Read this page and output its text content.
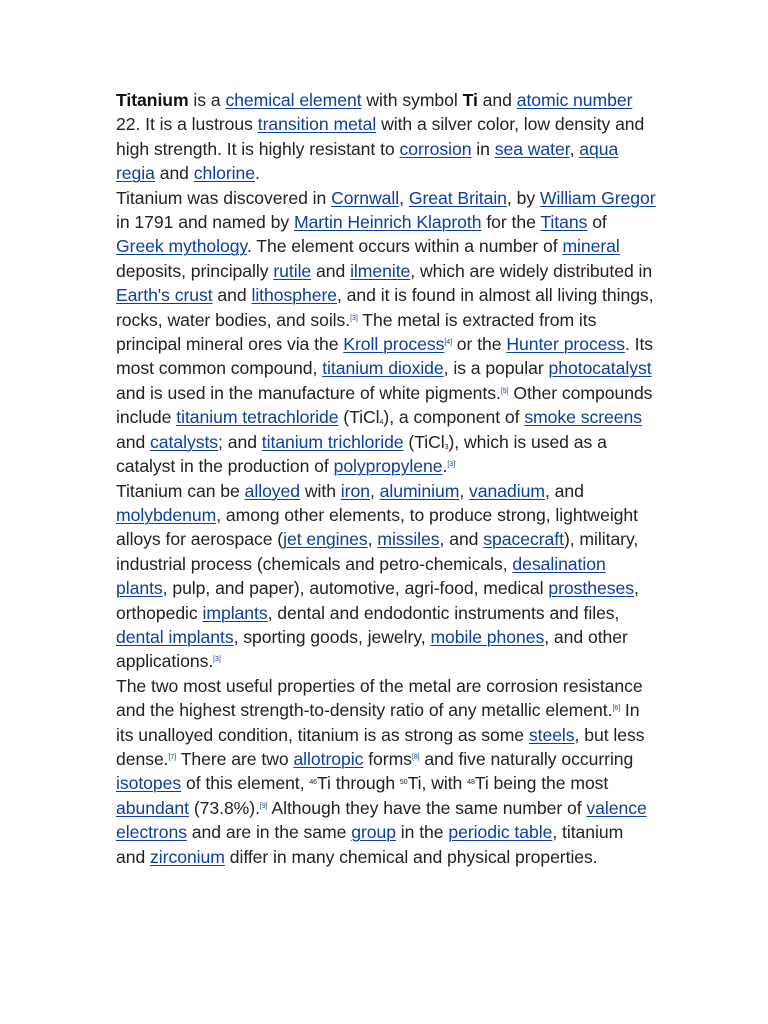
Titanium is a chemical element with symbol Ti and atomic number 22. It is a lustrous transition metal with a silver color, low density and high strength. It is highly resistant to corrosion in sea water, aqua regia and chlorine.

Titanium was discovered in Cornwall, Great Britain, by William Gregor in 1791 and named by Martin Heinrich Klaproth for the Titans of Greek mythology. The element occurs within a number of mineral deposits, principally rutile and ilmenite, which are widely distributed in Earth's crust and lithosphere, and it is found in almost all living things, rocks, water bodies, and soils.[3] The metal is extracted from its principal mineral ores via the Kroll process[4] or the Hunter process. Its most common compound, titanium dioxide, is a popular photocatalyst and is used in the manufacture of white pigments.[5] Other compounds include titanium tetrachloride (TiCl$_4$), a component of smoke screens and catalysts; and titanium trichloride (TiCl$_3$), which is used as a catalyst in the production of polypropylene.[3]

Titanium can be alloyed with iron, aluminium, vanadium, and molybdenum, among other elements, to produce strong, lightweight alloys for aerospace (jet engines, missiles, and spacecraft), military, industrial process (chemicals and petro-chemicals, desalination plants, pulp, and paper), automotive, agri-food, medical prostheses, orthopedic implants, dental and endodontic instruments and files, dental implants, sporting goods, jewelry, mobile phones, and other applications.[3]

The two most useful properties of the metal are corrosion resistance and the highest strength-to-density ratio of any metallic element.[6] In its unalloyed condition, titanium is as strong as some steels, but less dense.[7] There are two allotropic forms[8] and five naturally occurring isotopes of this element, $^{46}$Ti through $^{50}$Ti, with $^{48}$Ti being the most abundant (73.8%).[9] Although they have the same number of valence electrons and are in the same group in the periodic table, titanium and zirconium differ in many chemical and physical properties.
